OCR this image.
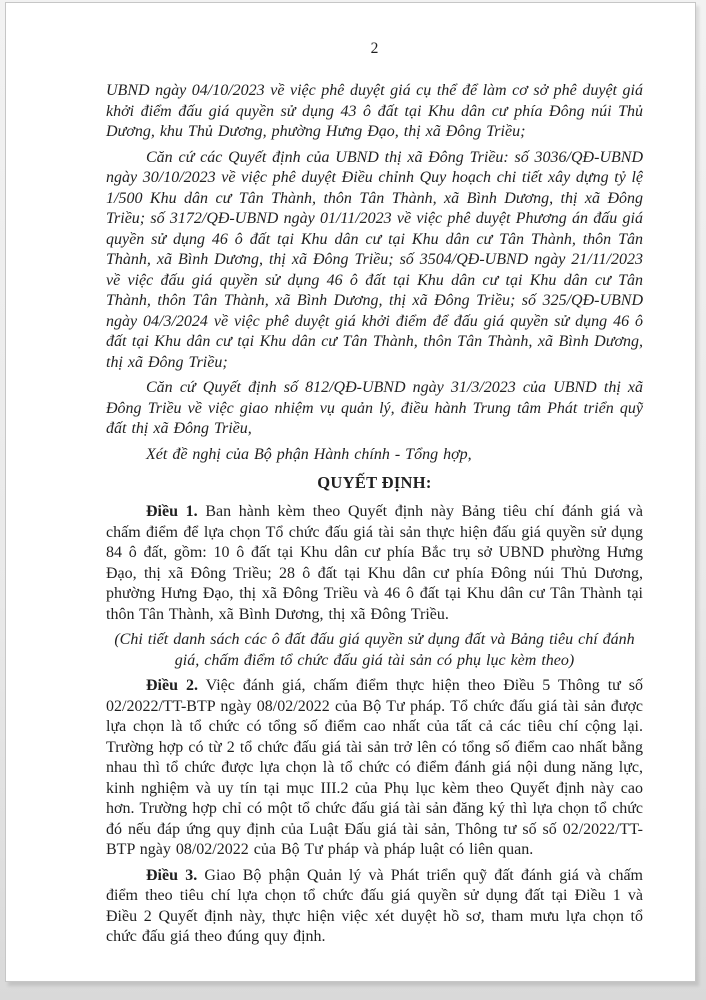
2

UBND ngày 04/10/2023 về việc phê duyệt giá cụ thể để làm cơ sở phê duyệt giá khởi điểm đấu giá quyền sử dụng 43 ô đất tại Khu dân cư phía Đông núi Thủ Dương, khu Thủ Dương, phường Hưng Đạo, thị xã Đông Triều;

Căn cứ các Quyết định của UBND thị xã Đông Triều: số 3036/QĐ-UBND ngày 30/10/2023 về việc phê duyệt Điều chỉnh Quy hoạch chi tiết xây dựng tỷ lệ 1/500 Khu dân cư Tân Thành, thôn Tân Thành, xã Bình Dương, thị xã Đông Triều; số 3172/QĐ-UBND ngày 01/11/2023 về việc phê duyệt Phương án đấu giá quyền sử dụng 46 ô đất tại Khu dân cư tại Khu dân cư Tân Thành, thôn Tân Thành, xã Bình Dương, thị xã Đông Triều; số 3504/QĐ-UBND ngày 21/11/2023 về việc đấu giá quyền sử dụng 46 ô đất tại Khu dân cư tại Khu dân cư Tân Thành, thôn Tân Thành, xã Bình Dương, thị xã Đông Triều; số 325/QĐ-UBND ngày 04/3/2024 về việc phê duyệt giá khởi điểm để đấu giá quyền sử dụng 46 ô đất tại Khu dân cư tại Khu dân cư Tân Thành, thôn Tân Thành, xã Bình Dương, thị xã Đông Triều;

Căn cứ Quyết định số 812/QĐ-UBND ngày 31/3/2023 của UBND thị xã Đông Triều về việc giao nhiệm vụ quản lý, điều hành Trung tâm Phát triển quỹ đất thị xã Đông Triều,

Xét đề nghị của Bộ phận Hành chính - Tổng hợp,

QUYẾT ĐỊNH:

Điều 1. Ban hành kèm theo Quyết định này Bảng tiêu chí đánh giá và chấm điểm để lựa chọn Tổ chức đấu giá tài sản thực hiện đấu giá quyền sử dụng 84 ô đất, gồm: 10 ô đất tại Khu dân cư phía Bắc trụ sở UBND phường Hưng Đạo, thị xã Đông Triều; 28 ô đất tại Khu dân cư phía Đông núi Thủ Dương, phường Hưng Đạo, thị xã Đông Triều và 46 ô đất tại Khu dân cư Tân Thành tại thôn Tân Thành, xã Bình Dương, thị xã Đông Triều.

(Chi tiết danh sách các ô đất đấu giá quyền sử dụng đất và Bảng tiêu chí đánh giá, chấm điểm tổ chức đấu giá tài sản có phụ lục kèm theo)

Điều 2. Việc đánh giá, chấm điểm thực hiện theo Điều 5 Thông tư số 02/2022/TT-BTP ngày 08/02/2022 của Bộ Tư pháp. Tổ chức đấu giá tài sản được lựa chọn là tổ chức có tổng số điểm cao nhất của tất cả các tiêu chí cộng lại. Trường hợp có từ 2 tổ chức đấu giá tài sản trở lên có tổng số điểm cao nhất bằng nhau thì tổ chức được lựa chọn là tổ chức có điểm đánh giá nội dung năng lực, kinh nghiệm và uy tín tại mục III.2 của Phụ lục kèm theo Quyết định này cao hơn. Trường hợp chỉ có một tổ chức đấu giá tài sản đăng ký thì lựa chọn tổ chức đó nếu đáp ứng quy định của Luật Đấu giá tài sản, Thông tư số số 02/2022/TT-BTP ngày 08/02/2022 của Bộ Tư pháp và pháp luật có liên quan.

Điều 3. Giao Bộ phận Quản lý và Phát triển quỹ đất đánh giá và chấm điểm theo tiêu chí lựa chọn tổ chức đấu giá quyền sử dụng đất tại Điều 1 và Điều 2 Quyết định này, thực hiện việc xét duyệt hồ sơ, tham mưu lựa chọn tổ chức đấu giá theo đúng quy định.
